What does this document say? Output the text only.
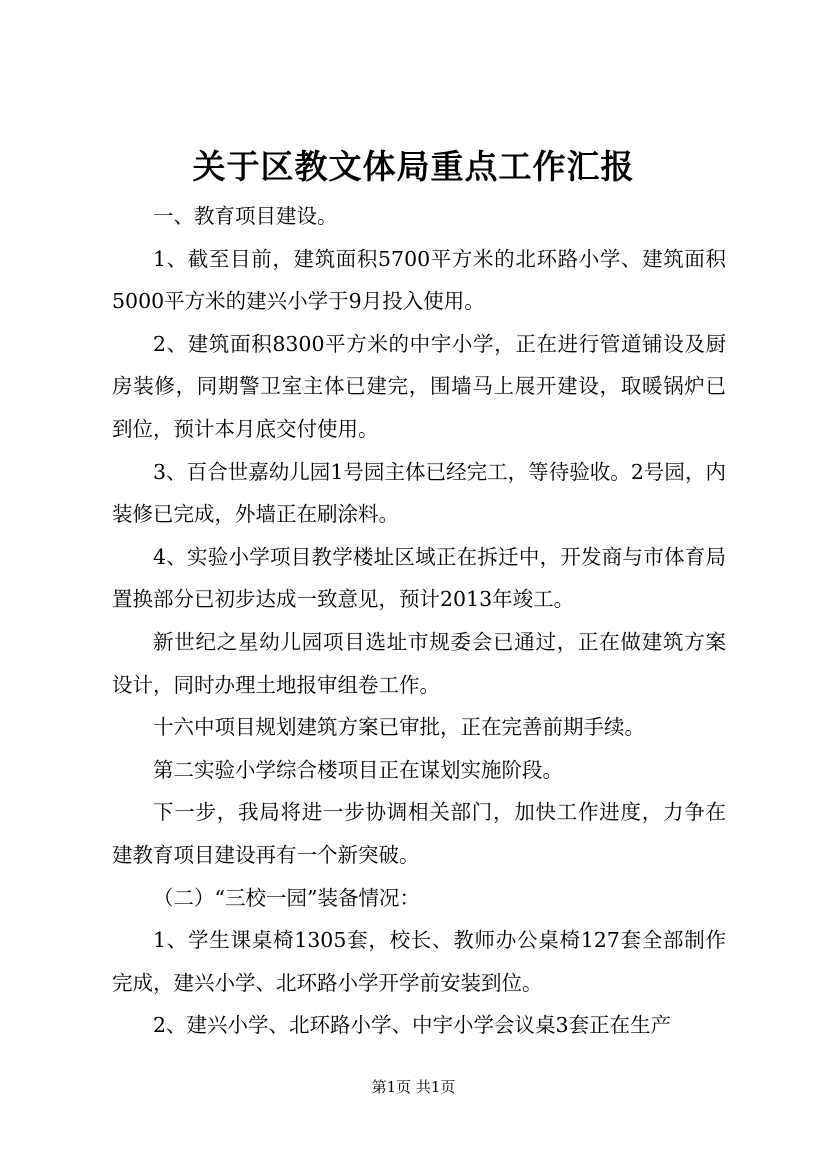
关于区教文体局重点工作汇报

一、教育项目建设。

1、截至目前，建筑面积5700平方米的北环路小学、建筑面积5000平方米的建兴小学于9月投入使用。

2、建筑面积8300平方米的中宇小学，正在进行管道铺设及厨房装修，同期警卫室主体已建完，围墙马上展开建设，取暖锅炉已到位，预计本月底交付使用。

3、百合世嘉幼儿园1号园主体已经完工，等待验收。2号园，内装修已完成，外墙正在刷涂料。

4、实验小学项目教学楼址区域正在拆迁中，开发商与市体育局置换部分已初步达成一致意见，预计2013年竣工。

新世纪之星幼儿园项目选址市规委会已通过，正在做建筑方案设计，同时办理土地报审组卷工作。

十六中项目规划建筑方案已审批，正在完善前期手续。

第二实验小学综合楼项目正在谋划实施阶段。

下一步，我局将进一步协调相关部门，加快工作进度，力争在建教育项目建设再有一个新突破。

（二）“三校一园”装备情况：

1、学生课桌椅1305套，校长、教师办公桌椅127套全部制作完成，建兴小学、北环路小学开学前安装到位。

2、建兴小学、北环路小学、中宇小学会议桌3套正在生产

第1页 共1页
